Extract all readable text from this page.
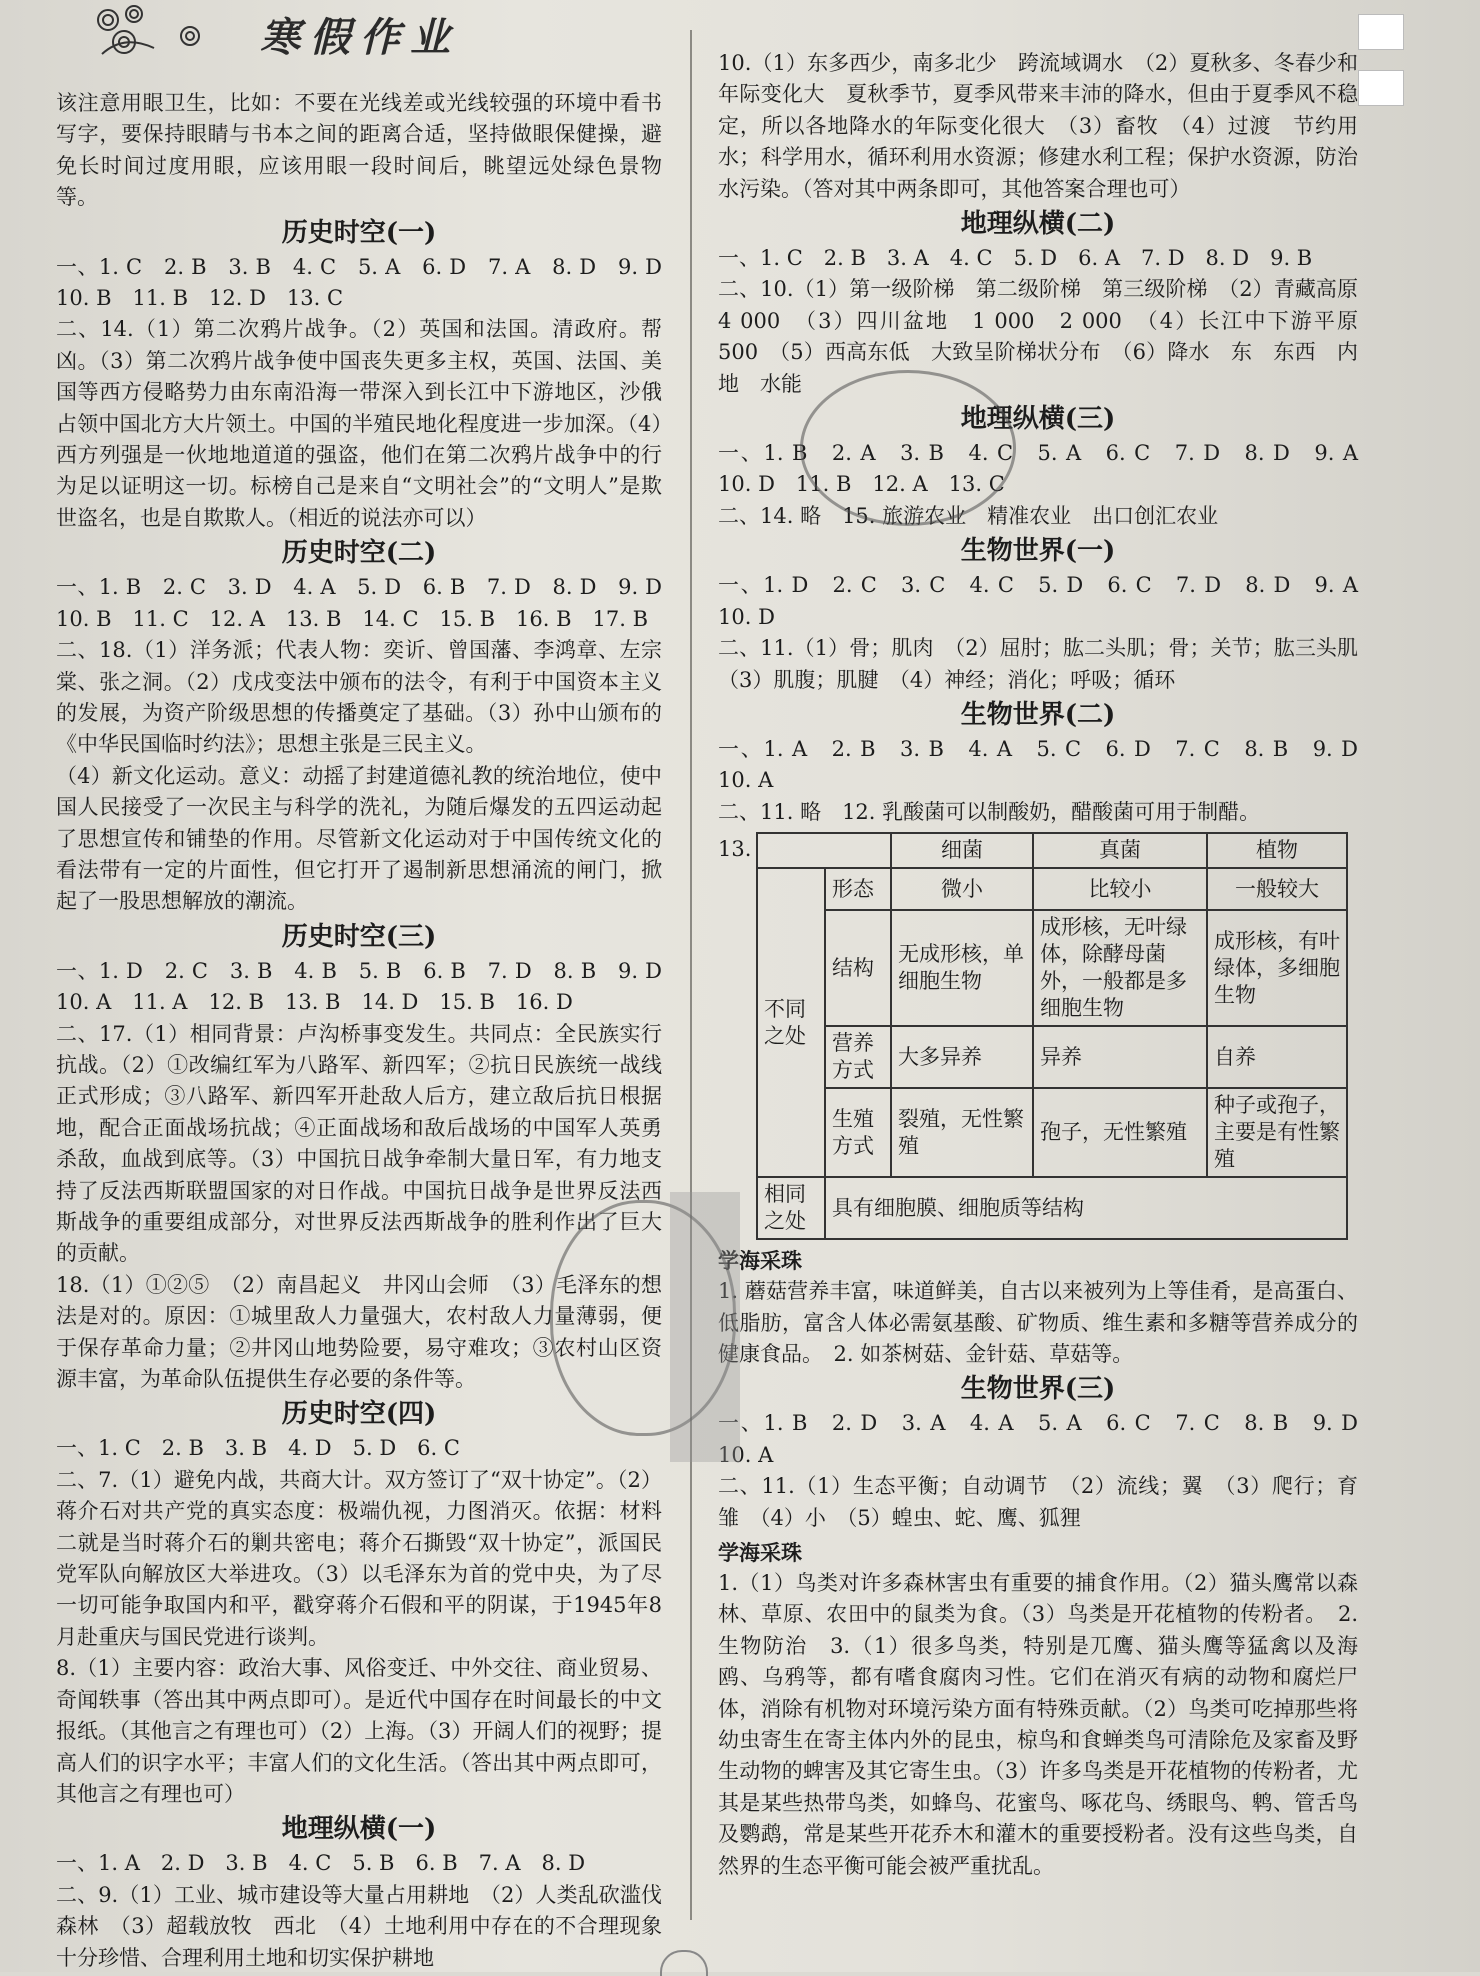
寒假作业

该注意用眼卫生，比如：不要在光线差或光线较强的环境中看书写字，要保持眼睛与书本之间的距离合适，坚持做眼保健操，避免长时间过度用眼，应该用眼一段时间后，眺望远处绿色景物等。

历史时空(一)

一、1. C　2. B　3. B　4. C　5. A　6. D　7. A　8. D　9. D　10. B　11. B　12. D　13. C

二、14.（1）第二次鸦片战争。（2）英国和法国。清政府。帮凶。（3）第二次鸦片战争使中国丧失更多主权，英国、法国、美国等西方侵略势力由东南沿海一带深入到长江中下游地区，沙俄占领中国北方大片领土。中国的半殖民地化程度进一步加深。（4）西方列强是一伙地地道道的强盗，他们在第二次鸦片战争中的行为足以证明这一切。标榜自己是来自“文明社会”的“文明人”是欺世盗名，也是自欺欺人。（相近的说法亦可以）

历史时空(二)

一、1. B　2. C　3. D　4. A　5. D　6. B　7. D　8. D　9. D　10. B　11. C　12. A　13. B　14. C　15. B　16. B　17. B

二、18.（1）洋务派；代表人物：奕䜣、曾国藩、李鸿章、左宗棠、张之洞。（2）戊戌变法中颁布的法令，有利于中国资本主义的发展，为资产阶级思想的传播奠定了基础。（3）孙中山颁布的《中华民国临时约法》；思想主张是三民主义。

（4）新文化运动。意义：动摇了封建道德礼教的统治地位，使中国人民接受了一次民主与科学的洗礼，为随后爆发的五四运动起了思想宣传和铺垫的作用。尽管新文化运动对于中国传统文化的看法带有一定的片面性，但它打开了遏制新思想涌流的闸门，掀起了一股思想解放的潮流。

历史时空(三)

一、1. D　2. C　3. B　4. B　5. B　6. B　7. D　8. B　9. D　10. A　11. A　12. B　13. B　14. D　15. B　16. D

二、17.（1）相同背景：卢沟桥事变发生。共同点：全民族实行抗战。（2）①改编红军为八路军、新四军；②抗日民族统一战线正式形成；③八路军、新四军开赴敌人后方，建立敌后抗日根据地，配合正面战场抗战；④正面战场和敌后战场的中国军人英勇杀敌，血战到底等。（3）中国抗日战争牵制大量日军，有力地支持了反法西斯联盟国家的对日作战。中国抗日战争是世界反法西斯战争的重要组成部分，对世界反法西斯战争的胜利作出了巨大的贡献。

18.（1）①②⑤　（2）南昌起义　井冈山会师　（3）毛泽东的想法是对的。原因：①城里敌人力量强大，农村敌人力量薄弱，便于保存革命力量；②井冈山地势险要，易守难攻；③农村山区资源丰富，为革命队伍提供生存必要的条件等。

历史时空(四)

一、1. C　2. B　3. B　4. D　5. D　6. C

二、7.（1）避免内战，共商大计。双方签订了“双十协定”。（2）蒋介石对共产党的真实态度：极端仇视，力图消灭。依据：材料二就是当时蒋介石的剿共密电；蒋介石撕毁“双十协定”，派国民党军队向解放区大举进攻。（3）以毛泽东为首的党中央，为了尽一切可能争取国内和平，戳穿蒋介石假和平的阴谋，于1945年8月赴重庆与国民党进行谈判。

8.（1）主要内容：政治大事、风俗变迁、中外交往、商业贸易、奇闻轶事（答出其中两点即可）。是近代中国存在时间最长的中文报纸。（其他言之有理也可）（2）上海。（3）开阔人们的视野；提高人们的识字水平；丰富人们的文化生活。（答出其中两点即可，其他言之有理也可）

地理纵横(一)

一、1. A　2. D　3. B　4. C　5. B　6. B　7. A　8. D

二、9.（1）工业、城市建设等大量占用耕地　（2）人类乱砍滥伐森林　（3）超载放牧　西北　（4）土地利用中存在的不合理现象　十分珍惜、合理利用土地和切实保护耕地

10.（1）东多西少，南多北少　跨流域调水　（2）夏秋多、冬春少和年际变化大　夏秋季节，夏季风带来丰沛的降水，但由于夏季风不稳定，所以各地降水的年际变化很大　（3）畜牧　（4）过渡　节约用水；科学用水，循环利用水资源；修建水利工程；保护水资源，防治水污染。（答对其中两条即可，其他答案合理也可）

地理纵横(二)

一、1. C　2. B　3. A　4. C　5. D　6. A　7. D　8. D　9. B

二、10.（1）第一级阶梯　第二级阶梯　第三级阶梯　（2）青藏高原　4 000　（3）四川盆地　1 000　2 000　（4）长江中下游平原　500　（5）西高东低　大致呈阶梯状分布　（6）降水　东　东西　内地　水能

地理纵横(三)

一、1. B　2. A　3. B　4. C　5. A　6. C　7. D　8. D　9. A　10. D　11. B　12. A　13. C

二、14. 略　15. 旅游农业　精准农业　出口创汇农业

生物世界(一)

一、1. D　2. C　3. C　4. C　5. D　6. C　7. D　8. D　9. A　10. D

二、11.（1）骨；肌肉　（2）屈肘；肱二头肌；骨；关节；肱三头肌　（3）肌腹；肌腱　（4）神经；消化；呼吸；循环

生物世界(二)

一、1. A　2. B　3. B　4. A　5. C　6. D　7. C　8. B　9. D　10. A

二、11. 略　12. 乳酸菌可以制酸奶，醋酸菌可用于制醋。

13.
		细菌	真菌	植物
不同之处	形态	微小	比较小	一般较大
	结构	无成形核，单细胞生物	成形核，无叶绿体，除酵母菌外，一般都是多细胞生物	成形核，有叶绿体，多细胞生物
	营养方式	大多异养	异养	自养
	生殖方式	裂殖，无性繁殖	孢子，无性繁殖	种子或孢子，主要是有性繁殖
相同之处	具有细胞膜、细胞质等结构			
学海采珠

1. 蘑菇营养丰富，味道鲜美，自古以来被列为上等佳肴，是高蛋白、低脂肪，富含人体必需氨基酸、矿物质、维生素和多糖等营养成分的健康食品。　2. 如茶树菇、金针菇、草菇等。

生物世界(三)

一、1. B　2. D　3. A　4. A　5. A　6. C　7. C　8. B　9. D　10. A

二、11.（1）生态平衡；自动调节　（2）流线；翼　（3）爬行；育雏　（4）小　（5）蝗虫、蛇、鹰、狐狸

学海采珠

1.（1）鸟类对许多森林害虫有重要的捕食作用。（2）猫头鹰常以森林、草原、农田中的鼠类为食。（3）鸟类是开花植物的传粉者。　2. 生物防治　3.（1）很多鸟类，特别是兀鹰、猫头鹰等猛禽以及海鸥、乌鸦等，都有嗜食腐肉习性。它们在消灭有病的动物和腐烂尸体，消除有机物对环境污染方面有特殊贡献。（2）鸟类可吃掉那些将幼虫寄生在寄主体内外的昆虫，椋鸟和食蝉类鸟可清除危及家畜及野生动物的蜱害及其它寄生虫。（3）许多鸟类是开花植物的传粉者，尤其是某些热带鸟类，如蜂鸟、花蜜鸟、啄花鸟、绣眼鸟、鹎、管舌鸟及鹦鹉，常是某些开花乔木和灌木的重要授粉者。没有这些鸟类，自然界的生态平衡可能会被严重扰乱。
